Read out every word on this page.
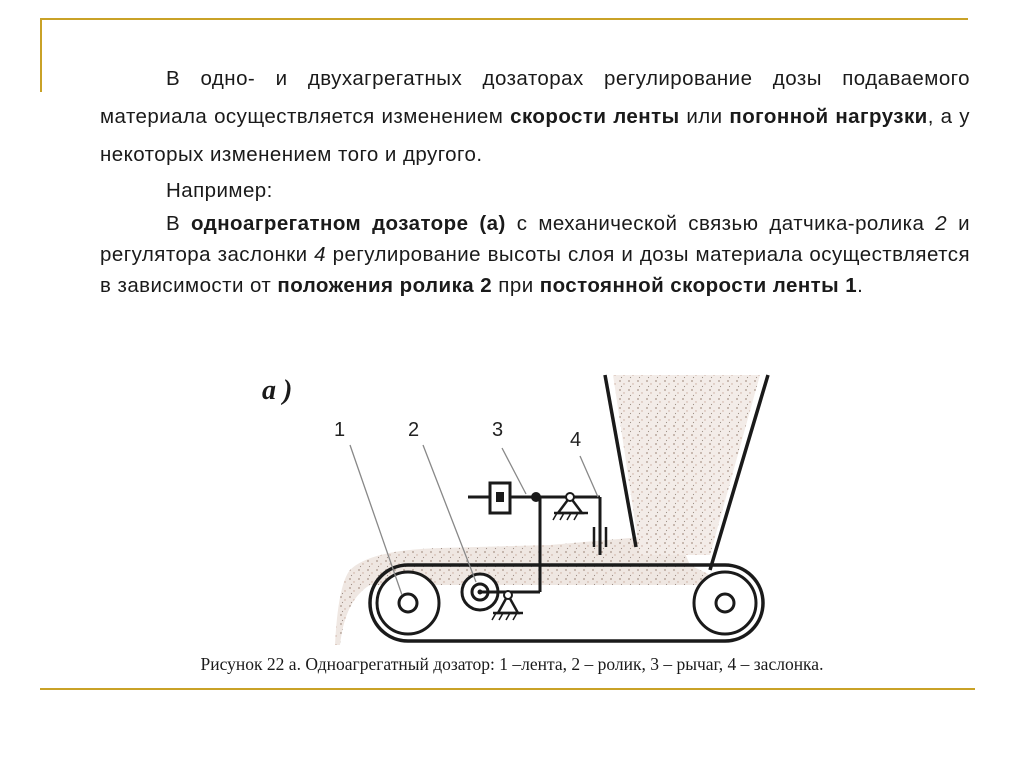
В одно- и двухагрегатных дозаторах регулирование дозы подаваемого материала осуществляется изменением скорости ленты или погонной нагрузки, а у некоторых изменением того и другого.

Например:

В одноагрегатном дозаторе (а) с механической связью датчика-ролика 2 и регулятора заслонки 4 регулирование высоты слоя и дозы материала осуществляется в зависимости от положения ролика 2 при постоянной скорости ленты 1.

а )
1	2	3	4
Рисунок 22 а. Одноагрегатный дозатор: 1 –лента, 2 – ролик, 3 – рычаг, 4 – заслонка.
